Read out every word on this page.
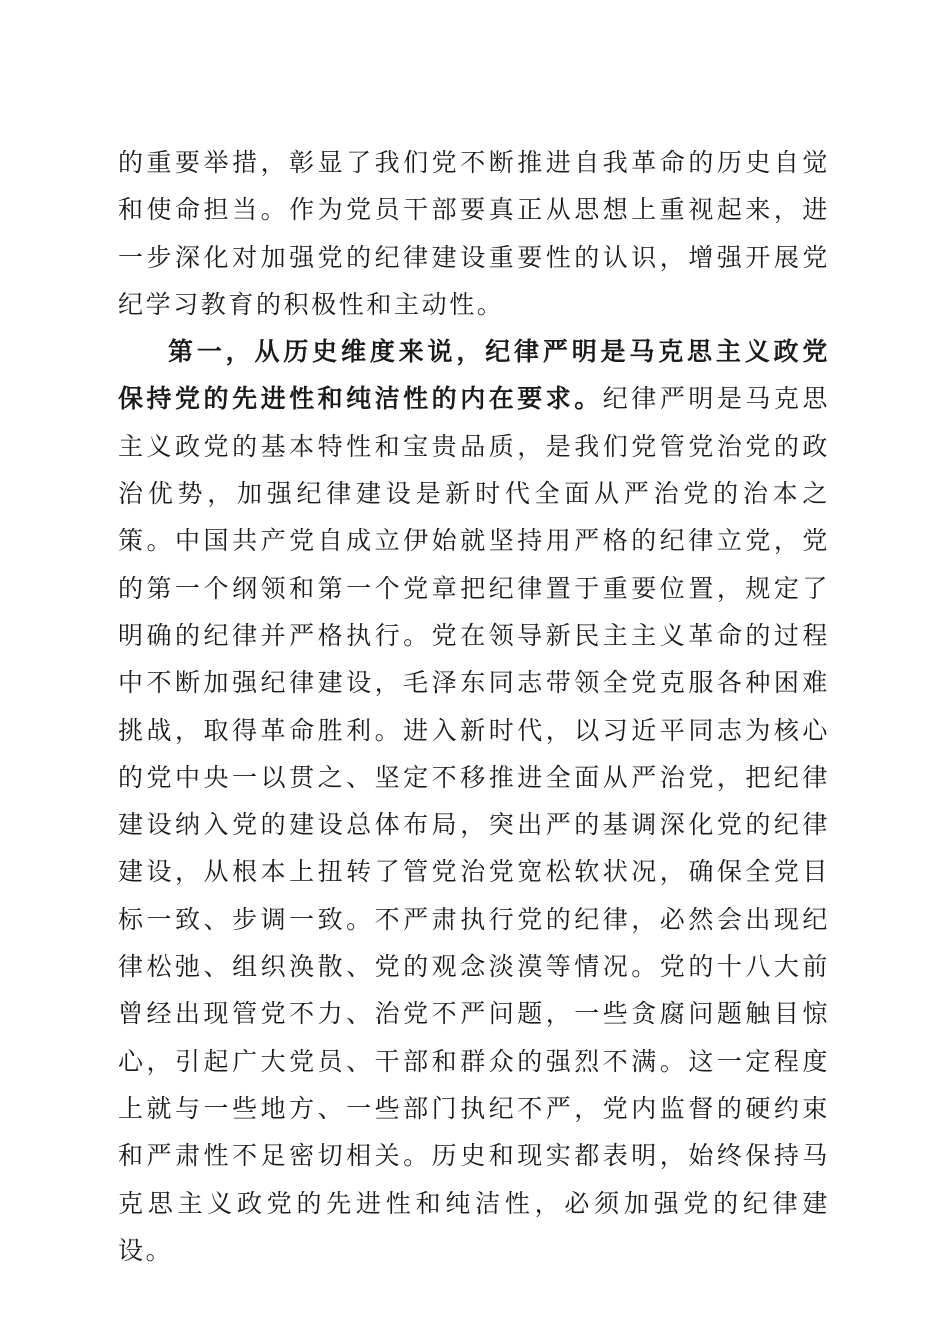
的重要举措，彰显了我们党不断推进自我革命的历史自觉和使命担当。作为党员干部要真正从思想上重视起来，进一步深化对加强党的纪律建设重要性的认识，增强开展党纪学习教育的积极性和主动性。

第一，从历史维度来说，纪律严明是马克思主义政党保持党的先进性和纯洁性的内在要求。纪律严明是马克思主义政党的基本特性和宝贵品质，是我们党管党治党的政治优势，加强纪律建设是新时代全面从严治党的治本之策。中国共产党自成立伊始就坚持用严格的纪律立党，党的第一个纲领和第一个党章把纪律置于重要位置，规定了明确的纪律并严格执行。党在领导新民主主义革命的过程中不断加强纪律建设，毛泽东同志带领全党克服各种困难挑战，取得革命胜利。进入新时代，以习近平同志为核心的党中央一以贯之、坚定不移推进全面从严治党，把纪律建设纳入党的建设总体布局，突出严的基调深化党的纪律建设，从根本上扭转了管党治党宽松软状况，确保全党目标一致、步调一致。不严肃执行党的纪律，必然会出现纪律松弛、组织涣散、党的观念淡漠等情况。党的十八大前曾经出现管党不力、治党不严问题，一些贪腐问题触目惊心，引起广大党员、干部和群众的强烈不满。这一定程度上就与一些地方、一些部门执纪不严，党内监督的硬约束和严肃性不足密切相关。历史和现实都表明，始终保持马克思主义政党的先进性和纯洁性，必须加强党的纪律建设。
